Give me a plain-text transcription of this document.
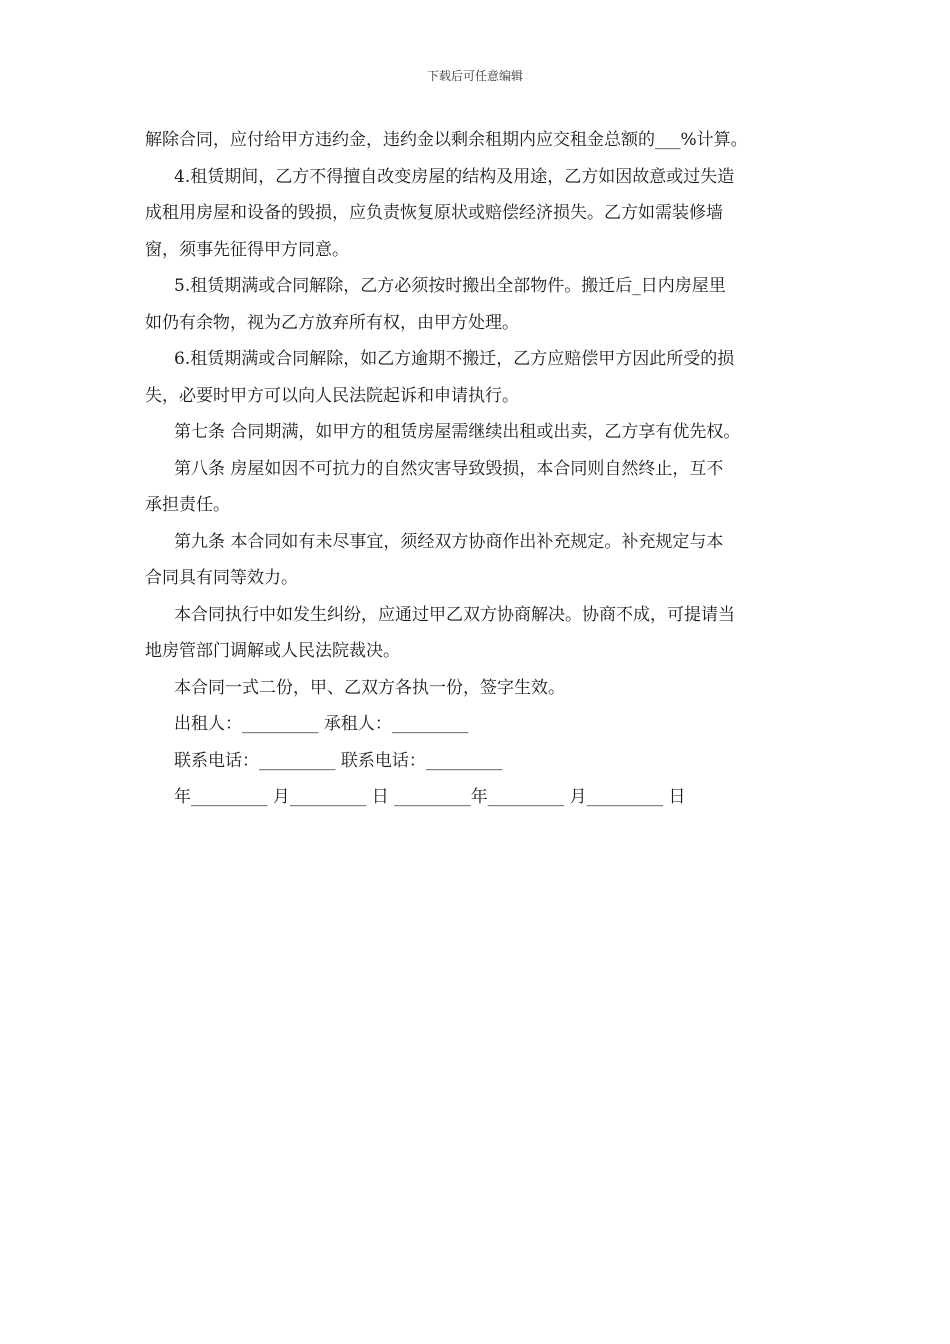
下载后可任意编辑

解除合同，应付给甲方违约金，违约金以剩余租期内应交租金总额的___%计算。

4.租赁期间，乙方不得擅自改变房屋的结构及用途，乙方如因故意或过失造

成租用房屋和设备的毁损，应负责恢复原状或赔偿经济损失。乙方如需装修墙

窗，须事先征得甲方同意。

5.租赁期满或合同解除，乙方必须按时搬出全部物件。搬迁后_日内房屋里

如仍有余物，视为乙方放弃所有权，由甲方处理。

6.租赁期满或合同解除，如乙方逾期不搬迁，乙方应赔偿甲方因此所受的损

失，必要时甲方可以向人民法院起诉和申请执行。

第七条 合同期满，如甲方的租赁房屋需继续出租或出卖，乙方享有优先权。

第八条 房屋如因不可抗力的自然灾害导致毁损，本合同则自然终止，互不

承担责任。

第九条 本合同如有未尽事宜，须经双方协商作出补充规定。补充规定与本

合同具有同等效力。

本合同执行中如发生纠纷，应通过甲乙双方协商解决。协商不成，可提请当

地房管部门调解或人民法院裁决。

本合同一式二份，甲、乙双方各执一份，签字生效。

出租人：_________ 承租人：_________

联系电话：_________ 联系电话：_________

年_________ 月_________ 日 _________年_________ 月_________ 日
